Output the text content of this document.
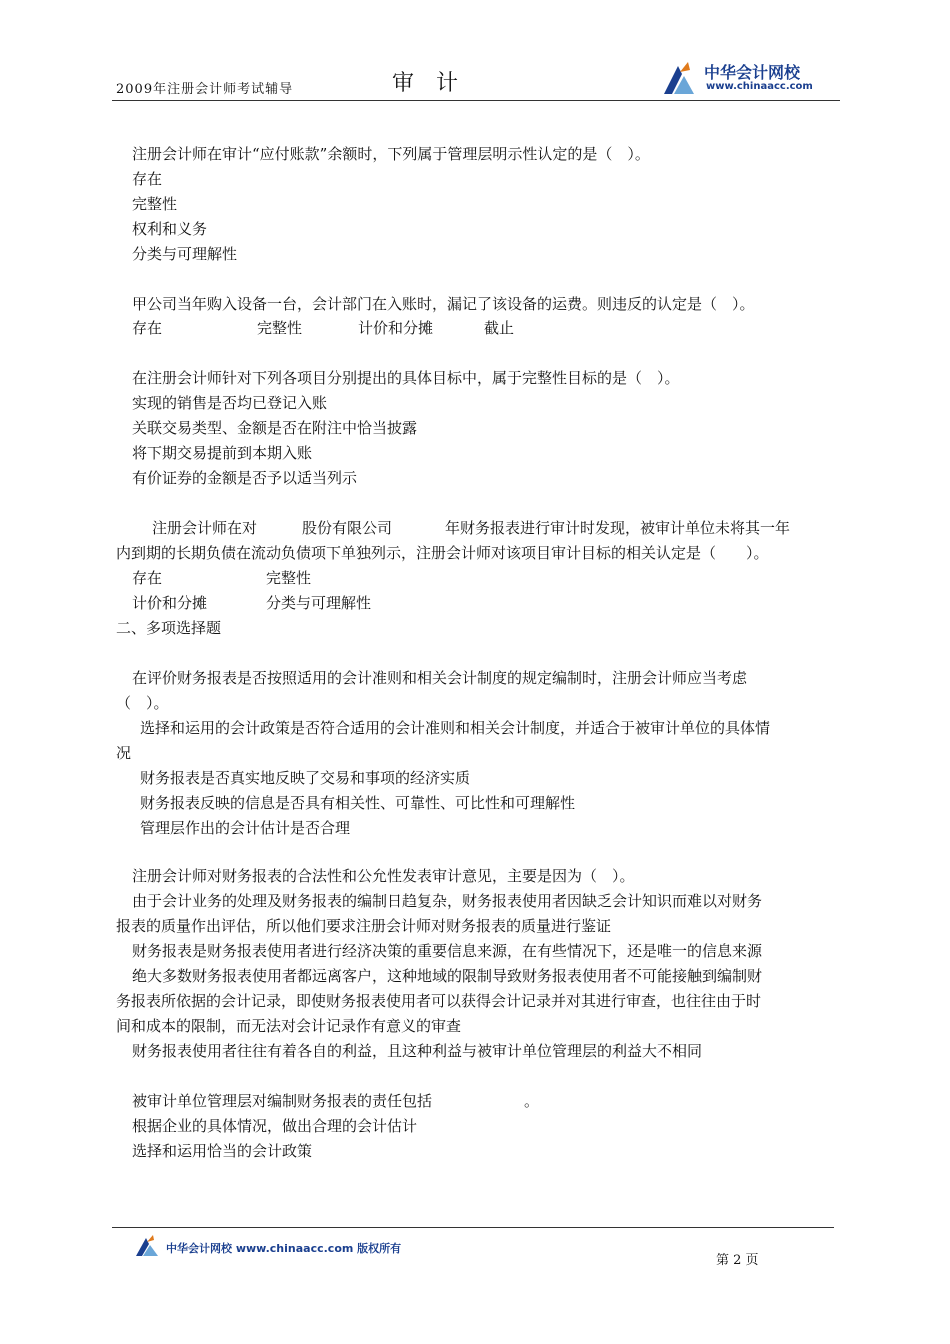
2009年注册会计师考试辅导	审计	中华会计网校
www.chinaacc.com
注册会计师在审计“应付账款”余额时，下列属于管理层明示性认定的是（　）。
存在
完整性
权利和义务
分类与可理解性
甲公司当年购入设备一台，会计部门在入账时，漏记了该设备的运费。则违反的认定是（　）。
存在	完整性	计价和分摊	截止
在注册会计师针对下列各项目分别提出的具体目标中，属于完整性目标的是（　）。
实现的销售是否均已登记入账
关联交易类型、金额是否在附注中恰当披露
将下期交易提前到本期入账
有价证券的金额是否予以适当列示
注册会计师在对	股份有限公司	年财务报表进行审计时发现，被审计单位未将其一年
内到期的长期负债在流动负债项下单独列示，注册会计师对该项目审计目标的相关认定是（　　）。
存在	完整性
计价和分摊	分类与可理解性
二、多项选择题
在评价财务报表是否按照适用的会计准则和相关会计制度的规定编制时，注册会计师应当考虑
（　）。
选择和运用的会计政策是否符合适用的会计准则和相关会计制度，并适合于被审计单位的具体情
况
财务报表是否真实地反映了交易和事项的经济实质
财务报表反映的信息是否具有相关性、可靠性、可比性和可理解性
管理层作出的会计估计是否合理
注册会计师对财务报表的合法性和公允性发表审计意见，主要是因为（　）。
由于会计业务的处理及财务报表的编制日趋复杂，财务报表使用者因缺乏会计知识而难以对财务
报表的质量作出评估，所以他们要求注册会计师对财务报表的质量进行鉴证
财务报表是财务报表使用者进行经济决策的重要信息来源，在有些情况下，还是唯一的信息来源
绝大多数财务报表使用者都远离客户，这种地域的限制导致财务报表使用者不可能接触到编制财
务报表所依据的会计记录，即使财务报表使用者可以获得会计记录并对其进行审查，也往往由于时
间和成本的限制，而无法对会计记录作有意义的审查
财务报表使用者往往有着各自的利益，且这种利益与被审计单位管理层的利益大不相同
被审计单位管理层对编制财务报表的责任包括	。
根据企业的具体情况，做出合理的会计估计
选择和运用恰当的会计政策
中华会计网校 www.chinaacc.com 版权所有
第 2 页
